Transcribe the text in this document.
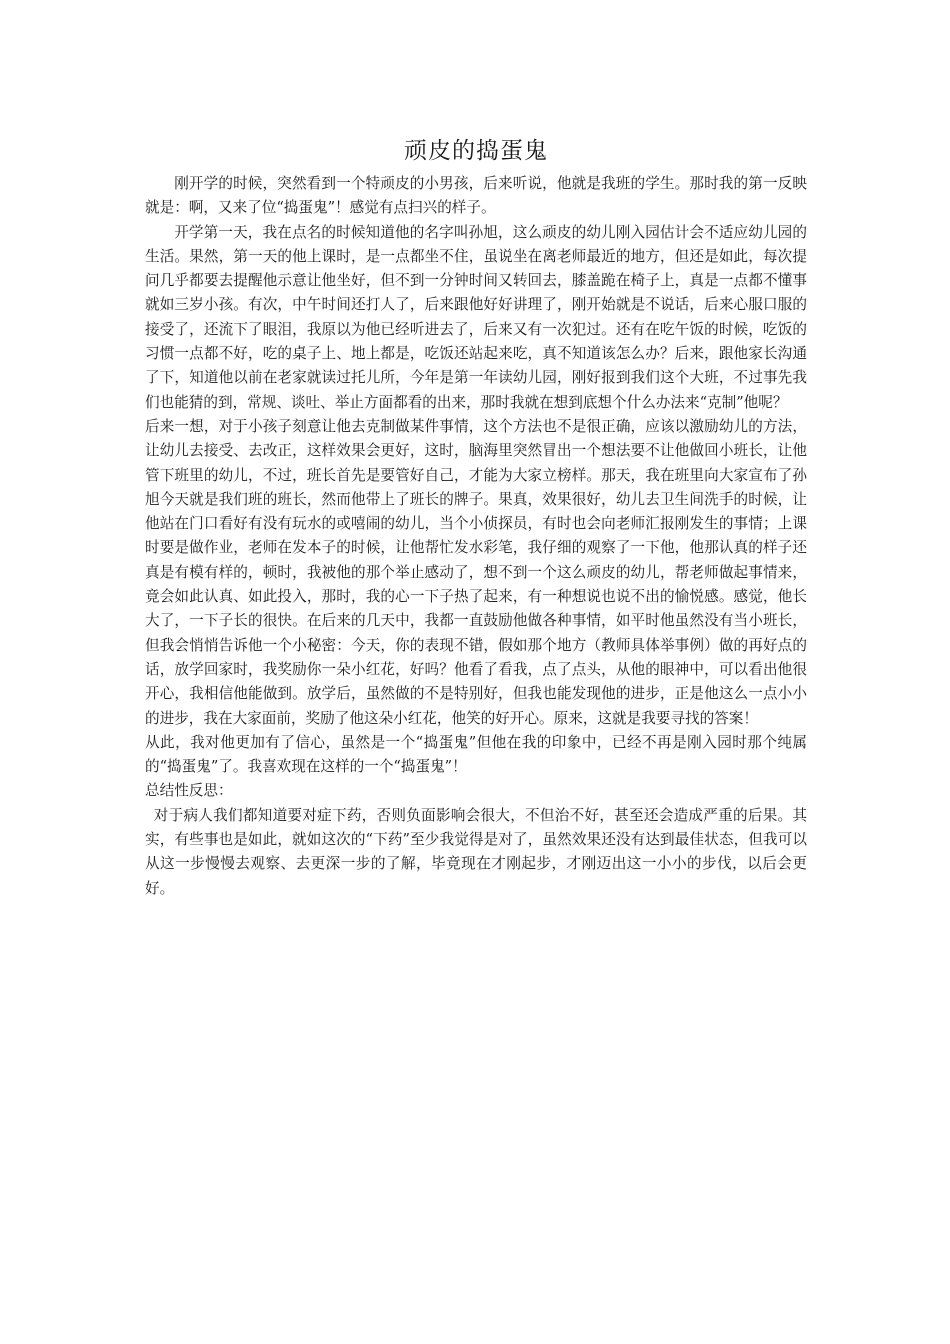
顽皮的捣蛋鬼

刚开学的时候，突然看到一个特顽皮的小男孩，后来听说，他就是我班的学生。那时我的第一反映就是：啊，又来了位“捣蛋鬼”！感觉有点扫兴的样子。

开学第一天，我在点名的时候知道他的名字叫孙旭，这么顽皮的幼儿刚入园估计会不适应幼儿园的生活。果然，第一天的他上课时，是一点都坐不住，虽说坐在离老师最近的地方，但还是如此，每次提问几乎都要去提醒他示意让他坐好，但不到一分钟时间又转回去，膝盖跪在椅子上，真是一点都不懂事就如三岁小孩。有次，中午时间还打人了，后来跟他好好讲理了，刚开始就是不说话，后来心服口服的接受了，还流下了眼泪，我原以为他已经听进去了，后来又有一次犯过。还有在吃午饭的时候，吃饭的习惯一点都不好，吃的桌子上、地上都是，吃饭还站起来吃，真不知道该怎么办？后来，跟他家长沟通了下，知道他以前在老家就读过托儿所，今年是第一年读幼儿园，刚好报到我们这个大班，不过事先我们也能猜的到，常规、谈吐、举止方面都看的出来，那时我就在想到底想个什么办法来“克制”他呢？

后来一想，对于小孩子刻意让他去克制做某件事情，这个方法也不是很正确，应该以激励幼儿的方法，让幼儿去接受、去改正，这样效果会更好，这时，脑海里突然冒出一个想法要不让他做回小班长，让他管下班里的幼儿，不过，班长首先是要管好自己，才能为大家立榜样。那天，我在班里向大家宣布了孙旭今天就是我们班的班长，然而他带上了班长的牌子。果真，效果很好，幼儿去卫生间洗手的时候，让他站在门口看好有没有玩水的或嘻闹的幼儿，当个小侦探员，有时也会向老师汇报刚发生的事情；上课时要是做作业，老师在发本子的时候，让他帮忙发水彩笔，我仔细的观察了一下他，他那认真的样子还真是有模有样的，顿时，我被他的那个举止感动了，想不到一个这么顽皮的幼儿，帮老师做起事情来，竟会如此认真、如此投入，那时，我的心一下子热了起来，有一种想说也说不出的愉悦感。感觉，他长大了，一下子长的很快。在后来的几天中，我都一直鼓励他做各种事情，如平时他虽然没有当小班长，但我会悄悄告诉他一个小秘密：今天，你的表现不错，假如那个地方（教师具体举事例）做的再好点的话，放学回家时，我奖励你一朵小红花，好吗？他看了看我，点了点头，从他的眼神中，可以看出他很开心，我相信他能做到。放学后，虽然做的不是特别好，但我也能发现他的进步，正是他这么一点小小的进步，我在大家面前，奖励了他这朵小红花，他笑的好开心。原来，这就是我要寻找的答案！

从此，我对他更加有了信心，虽然是一个“捣蛋鬼”但他在我的印象中，已经不再是刚入园时那个纯属的“捣蛋鬼”了。我喜欢现在这样的一个“捣蛋鬼”！

总结性反思：

对于病人我们都知道要对症下药，否则负面影响会很大，不但治不好，甚至还会造成严重的后果。其实，有些事也是如此，就如这次的“下药”至少我觉得是对了，虽然效果还没有达到最佳状态，但我可以从这一步慢慢去观察、去更深一步的了解，毕竟现在才刚起步，才刚迈出这一小小的步伐，以后会更好。
